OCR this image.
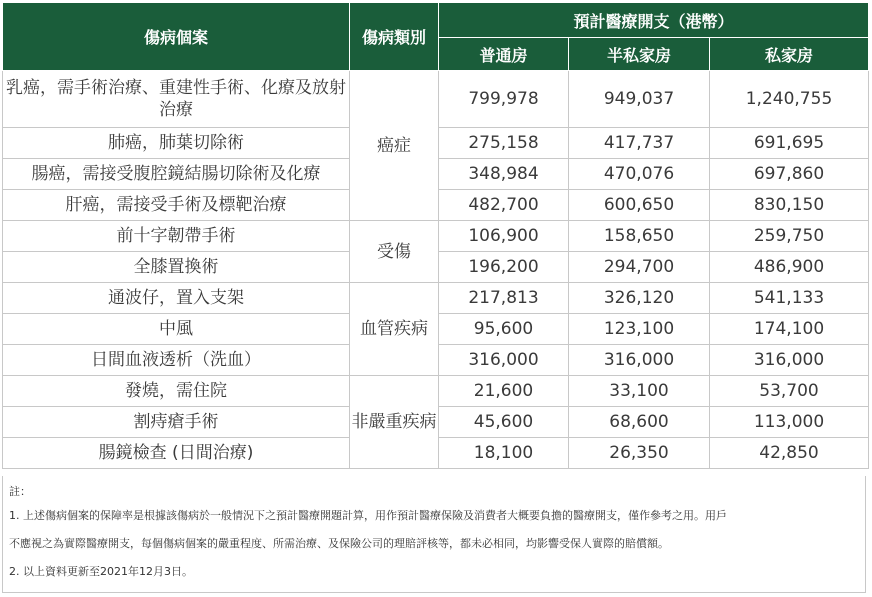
傷病個案	傷病類別	預計醫療開支（港幣）		
		普通房	半私家房	私家房
乳癌，需手術治療、重建性手術、化療及放射治療	癌症	799,978	949,037	1,240,755
肺癌，肺葉切除術		275,158	417,737	691,695
腸癌，需接受腹腔鏡結腸切除術及化療		348,984	470,076	697,860
肝癌，需接受手術及標靶治療		482,700	600,650	830,150
前十字韌帶手術	受傷	106,900	158,650	259,750
全膝置換術		196,200	294,700	486,900
通波仔，置入支架	血管疾病	217,813	326,120	541,133
中風		95,600	123,100	174,100
日間血液透析（洗血）		316,000	316,000	316,000
發燒，需住院	非嚴重疾病	21,600	33,100	53,700
割痔瘡手術		45,600	68,600	113,000
腸鏡檢查 (日間治療)		18,100	26,350	42,850

註：

1. 上述傷病個案的保障率是根據該傷病於一般情況下之預計醫療開題計算，用作預計醫療保險及消費者大概要負擔的醫療開支，僅作參考之用。用戶

不應視之為實際醫療開支，每個傷病個案的嚴重程度、所需治療、及保險公司的理賠評核等，都未必相同，均影響受保人實際的賠償額。

2. 以上資料更新至2021年12月3日。
